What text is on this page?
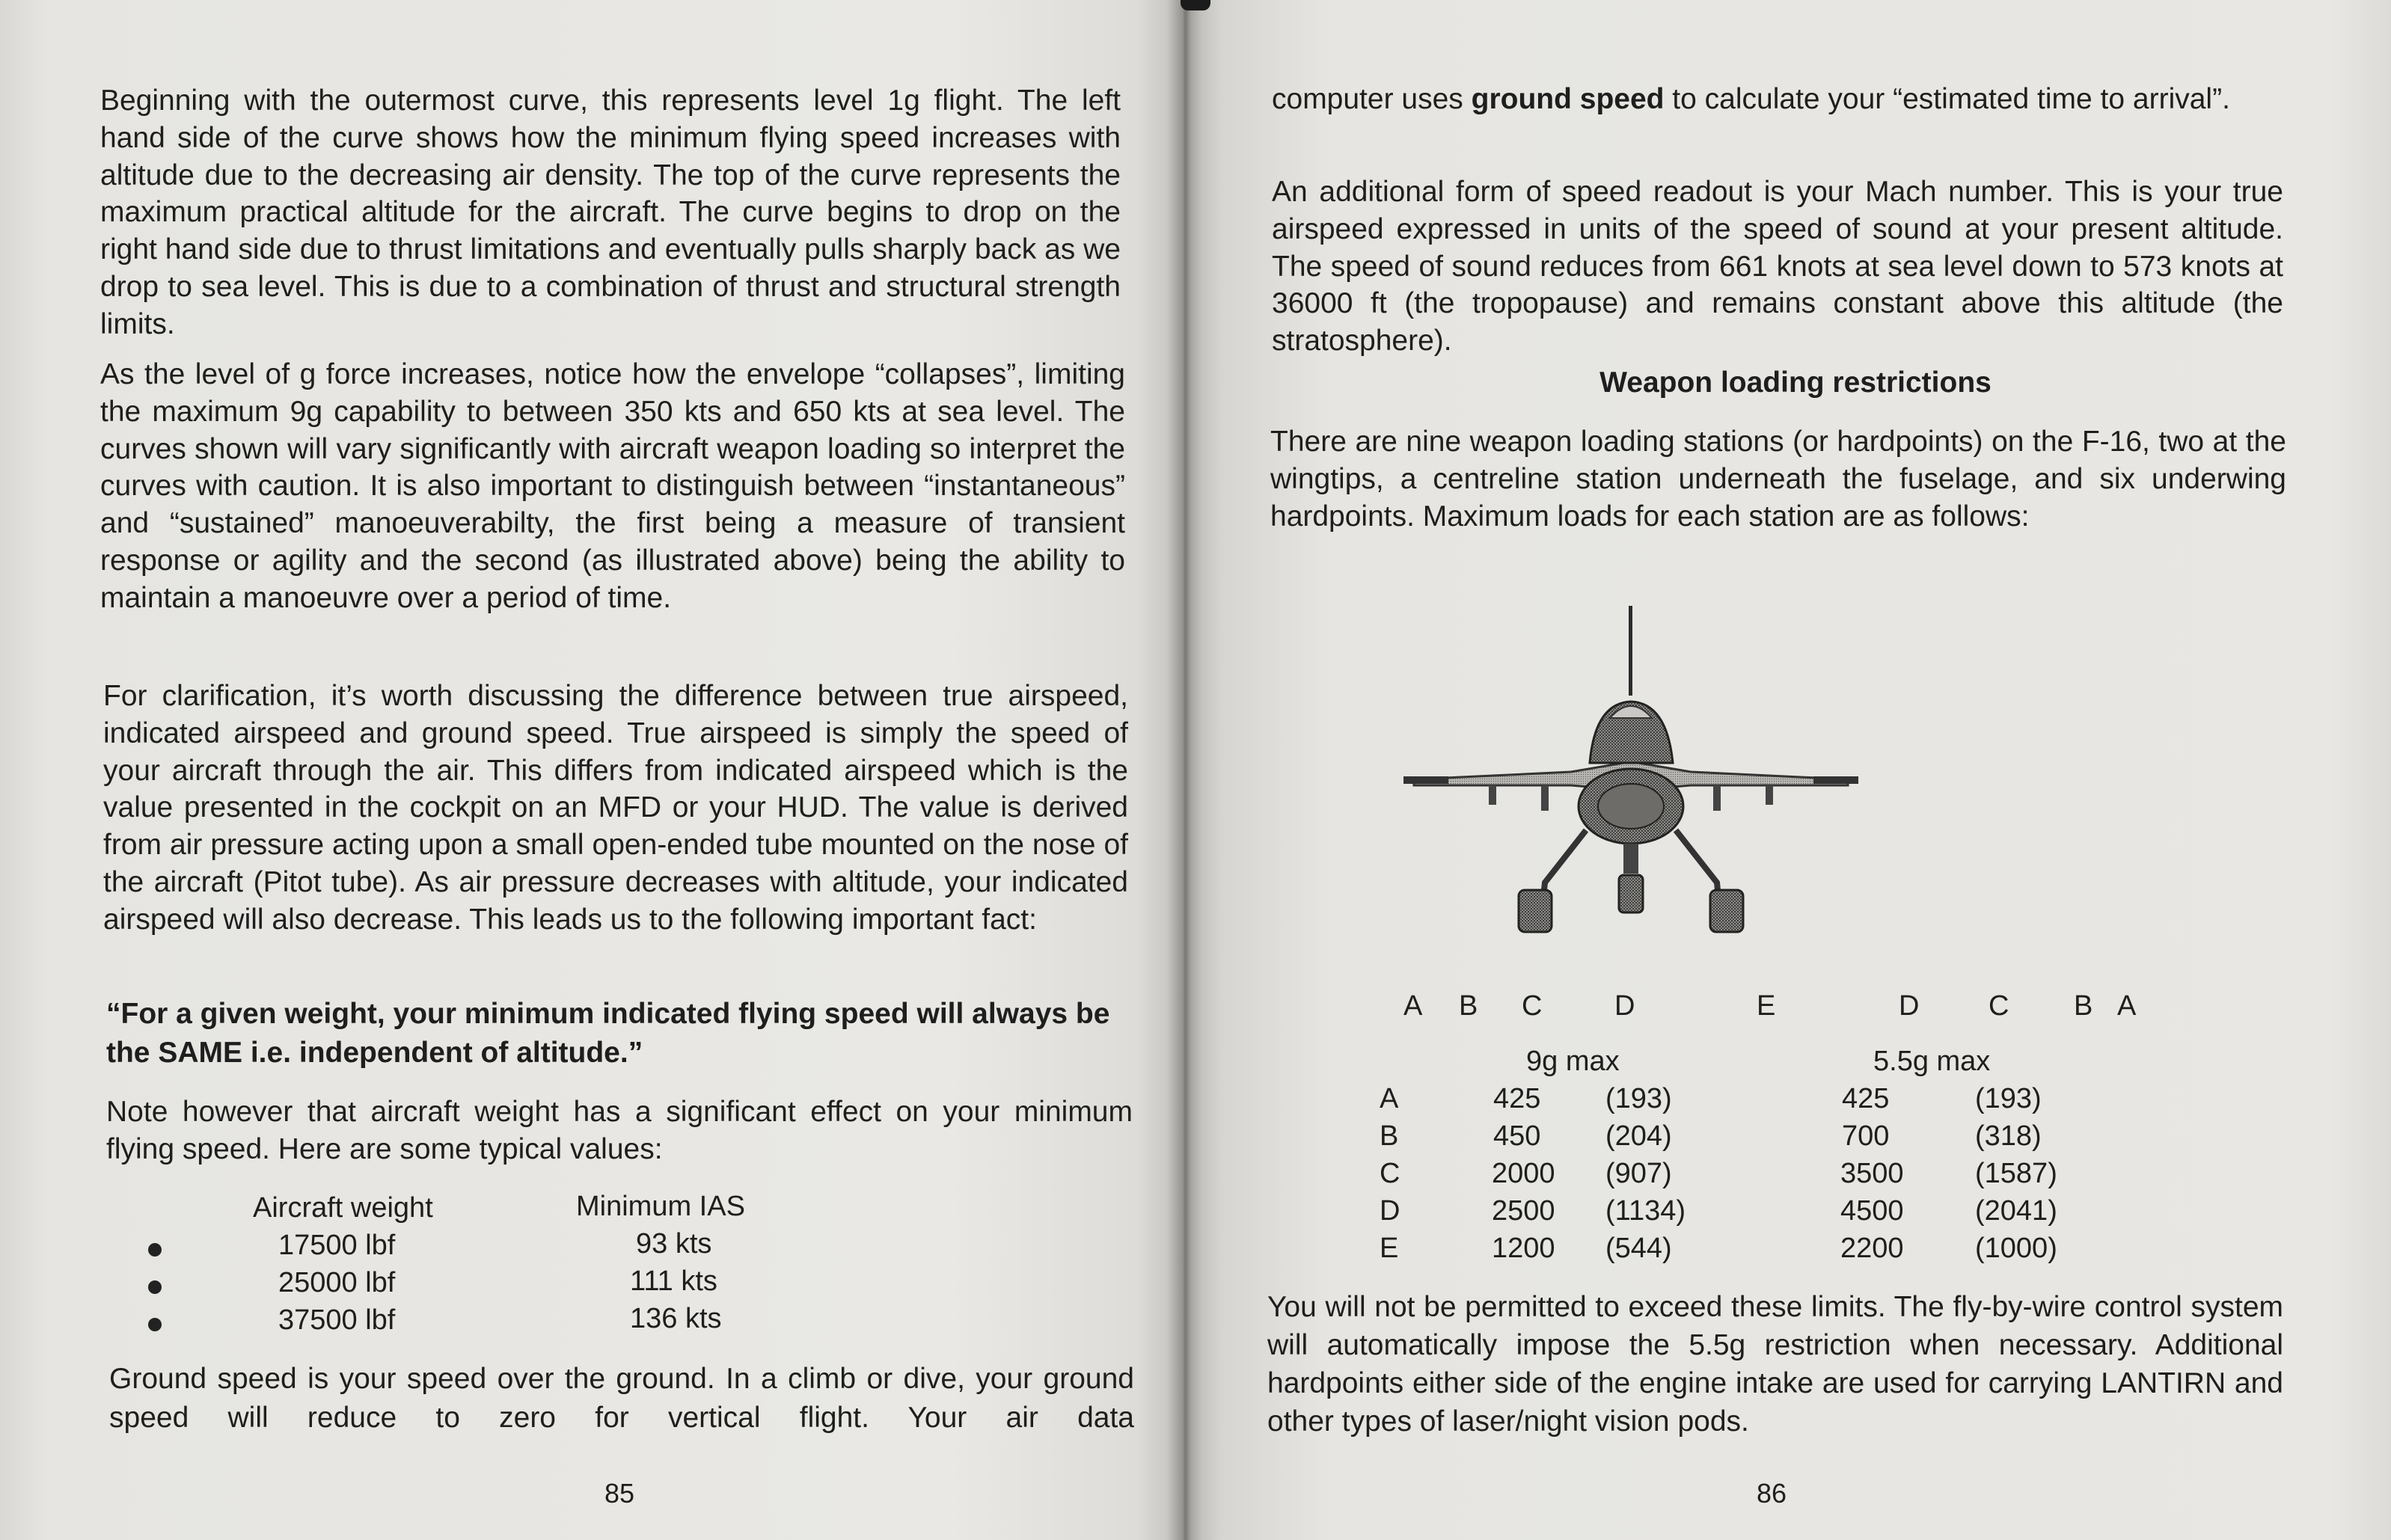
Beginning with the outermost curve, this represents level 1g flight. The left hand side of the curve shows how the minimum flying speed increases with altitude due to the decreasing air density. The top of the curve represents the maximum practical altitude for the aircraft. The curve begins to drop on the right hand side due to thrust limitations and eventually pulls sharply back as we drop to sea level. This is due to a combination of thrust and structural strength limits.

As the level of g force increases, notice how the envelope “collapses”, limiting the maximum 9g capability to between 350 kts and 650 kts at sea level. The curves shown will vary significantly with aircraft weapon loading so interpret the curves with caution. It is also important to distinguish between “instantaneous” and “sustained” manoeuverabilty, the first being a measure of transient response or agility and the second (as illustrated above) being the ability to maintain a manoeuvre over a period of time.

For clarification, it’s worth discussing the difference between true airspeed, indicated airspeed and ground speed. True airspeed is simply the speed of your aircraft through the air. This differs from indicated airspeed which is the value presented in the cockpit on an MFD or your HUD. The value is derived from air pressure acting upon a small open-ended tube mounted on the nose of the aircraft (Pitot tube). As air pressure decreases with altitude, your indicated airspeed will also decrease. This leads us to the following important fact:

“For a given weight, your minimum indicated flying speed will always be the SAME i.e. independent of altitude.”

Note however that aircraft weight has a significant effect on your minimum flying speed. Here are some typical values:

Aircraft weight	Minimum IAS
17500 lbf	93 kts
25000 lbf	111 kts
37500 lbf	136 kts

Ground speed is your speed over the ground. In a climb or dive, your ground speed will reduce to zero for vertical flight. Your air data

85

computer uses ground speed to calculate your “estimated time to arrival”.

An additional form of speed readout is your Mach number. This is your true airspeed expressed in units of the speed of sound at your present altitude. The speed of sound reduces from 661 knots at sea level down to 573 knots at 36000 ft (the tropopause) and remains constant above this altitude (the stratosphere).

Weapon loading restrictions

There are nine weapon loading stations (or hardpoints) on the F-16, two at the wingtips, a centreline station underneath the fuselage, and six underwing hardpoints. Maximum loads for each station are as follows:

A B C	D	E	D C B A
9g max	5.5g max
A	425 (193)	425	(193)
B	450 (204)	700	(318)
C	2000 (907)	3500	(1587)
D	2500 (1134)	4500	(2041)
E	1200 (544)	2200	(1000)

You will not be permitted to exceed these limits. The fly-by-wire control system will automatically impose the 5.5g restriction when necessary. Additional hardpoints either side of the engine intake are used for carrying LANTIRN and other types of laser/night vision pods.

86
